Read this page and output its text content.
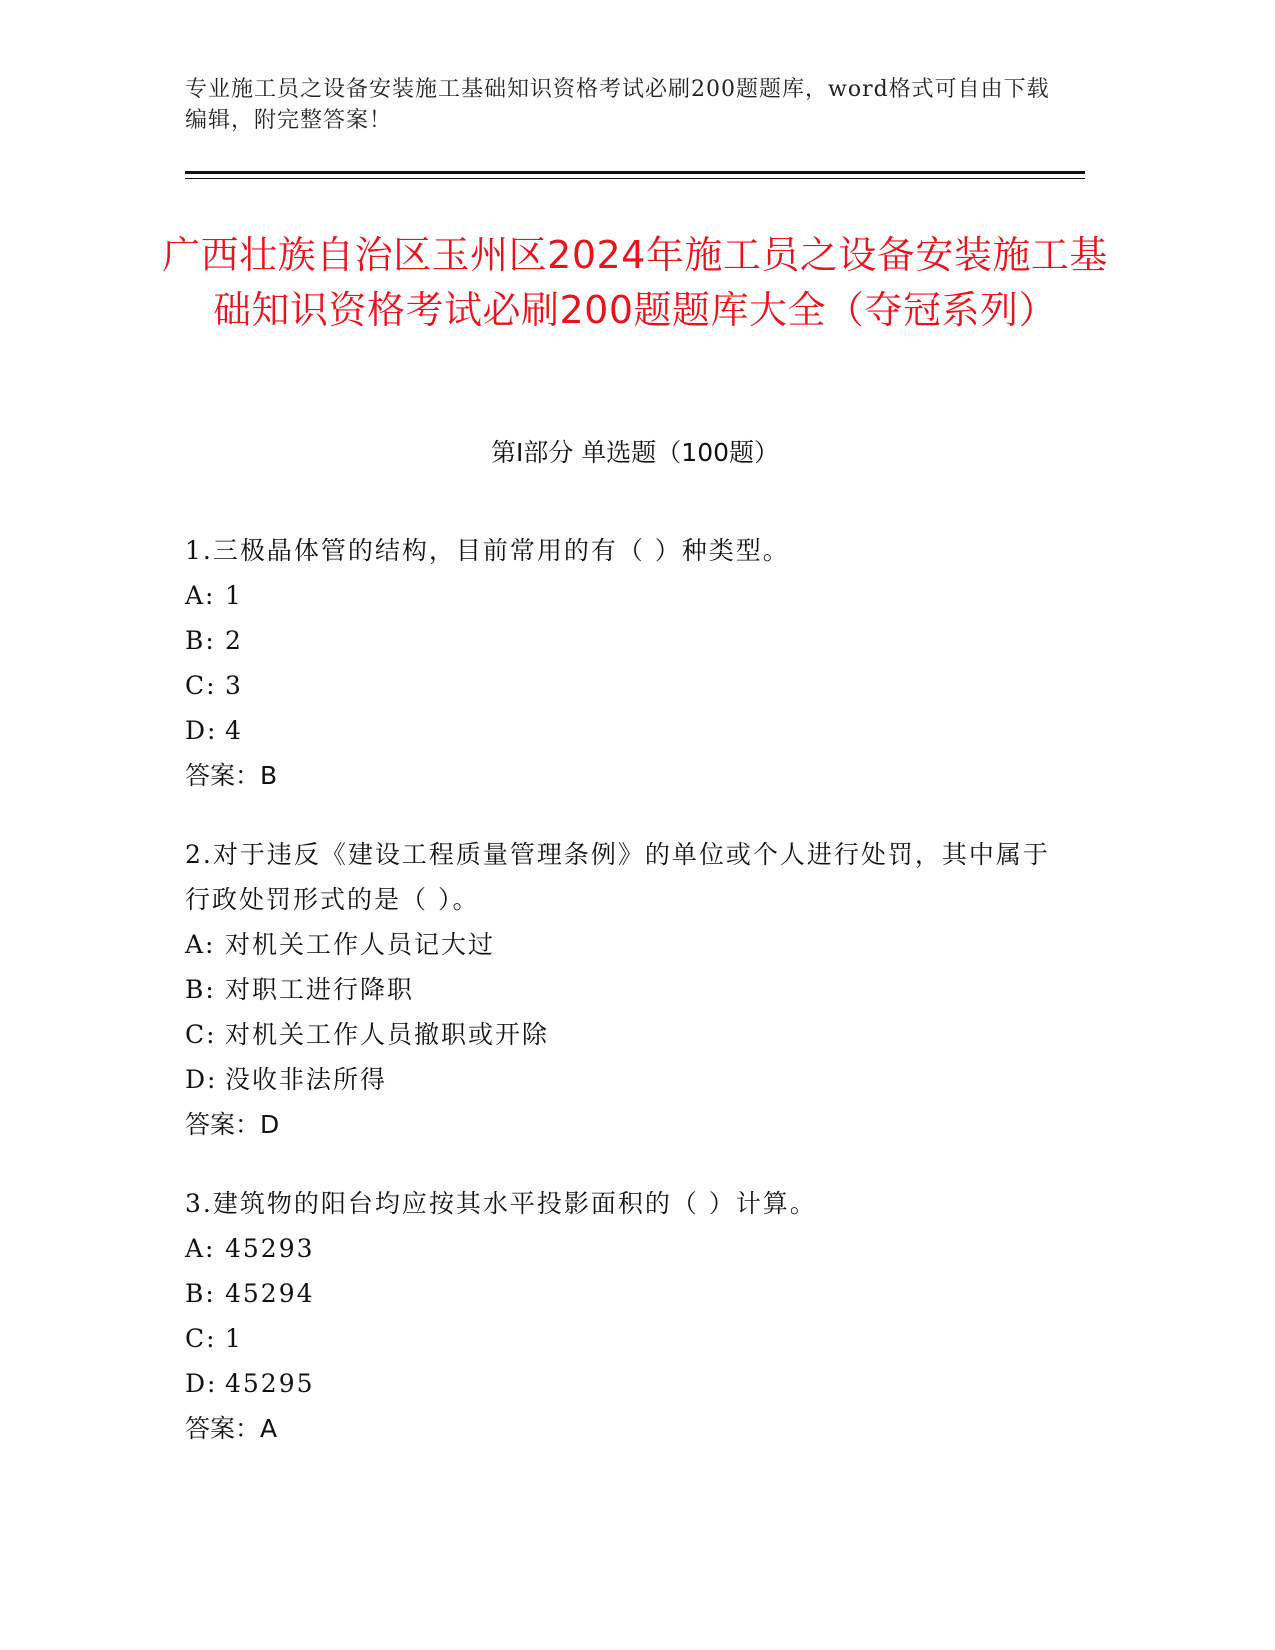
专业施工员之设备安装施工基础知识资格考试必刷200题题库，word格式可自由下载编辑，附完整答案！
广西壮族自治区玉州区2024年施工员之设备安装施工基础知识资格考试必刷200题题库大全（夺冠系列）
第I部分 单选题（100题）
1.三极晶体管的结构，目前常用的有（ ）种类型。
A: 1
B: 2
C: 3
D: 4
答案：B
2.对于违反《建设工程质量管理条例》的单位或个人进行处罚，其中属于行政处罚形式的是（ ）。
A: 对机关工作人员记大过
B: 对职工进行降职
C: 对机关工作人员撤职或开除
D: 没收非法所得
答案：D
3.建筑物的阳台均应按其水平投影面积的（ ）计算。
A: 45293
B: 45294
C: 1
D: 45295
答案：A
